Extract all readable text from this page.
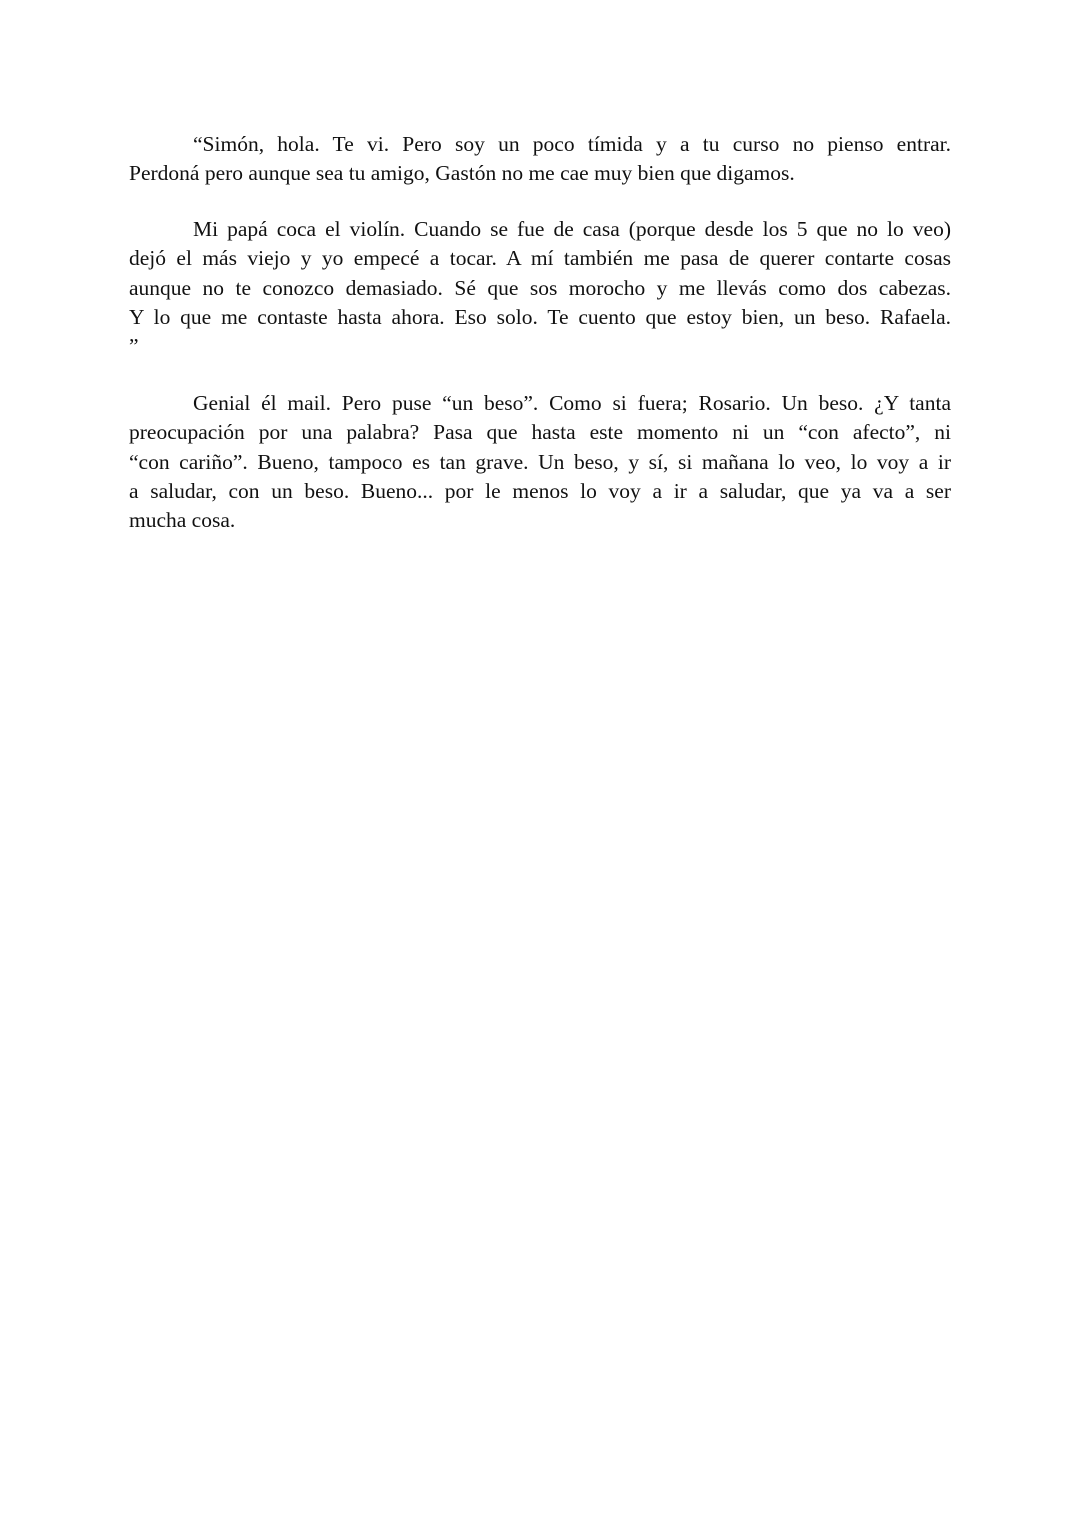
“Simón, hola. Te vi. Pero soy un poco tímida y a tu curso no pienso entrar.

Perdoná pero aunque sea tu amigo, Gastón no me cae muy bien que digamos.

Mi papá coca el violín. Cuando se fue de casa (porque desde los 5 que no lo veo)

dejó el más viejo y yo empecé a tocar. A mí también me pasa de querer contarte cosas
aunque no te conozco demasiado. Sé que sos morocho y me llevás como dos cabezas.
Y lo que me contaste hasta ahora. Eso solo. Te cuento que estoy bien, un beso. Rafaela.
”

Genial él mail. Pero puse “un beso”. Como si fuera; Rosario. Un beso. ¿Y tanta

preocupación por una palabra? Pasa que hasta este momento ni un “con afecto”, ni
“con cariño”. Bueno, tampoco es tan grave. Un beso, y sí, si mañana lo veo, lo voy a ir
a saludar, con un beso. Bueno... por le menos lo voy a ir a saludar, que ya va a ser
mucha cosa.
